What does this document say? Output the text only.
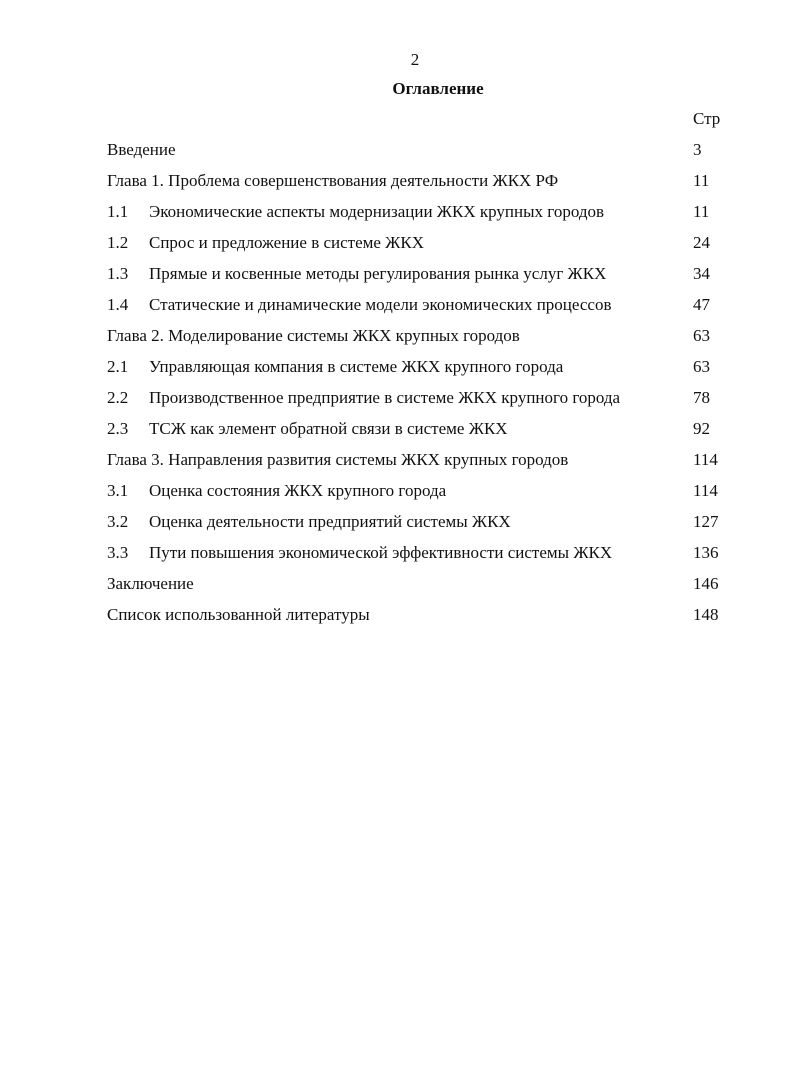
2
Оглавление
Стр
Введение	3
Глава 1. Проблема совершенствования деятельности ЖКХ РФ	11
1.1 Экономические аспекты модернизации ЖКХ крупных городов	11
1.2 Спрос и предложение в системе ЖКХ	24
1.3 Прямые и косвенные методы регулирования рынка услуг ЖКХ	34
1.4 Статические и динамические модели экономических процессов	47
Глава 2. Моделирование системы ЖКХ крупных городов	63
2.1 Управляющая компания в системе ЖКХ крупного города	63
2.2 Производственное предприятие в системе ЖКХ крупного города	78
2.3 ТСЖ как элемент обратной связи в системе ЖКХ	92
Глава 3. Направления развития системы ЖКХ крупных городов	114
3.1 Оценка состояния ЖКХ крупного города	114
3.2 Оценка деятельности предприятий системы ЖКХ	127
3.3 Пути повышения экономической эффективности системы ЖКХ	136
Заключение	146
Список использованной литературы	148
